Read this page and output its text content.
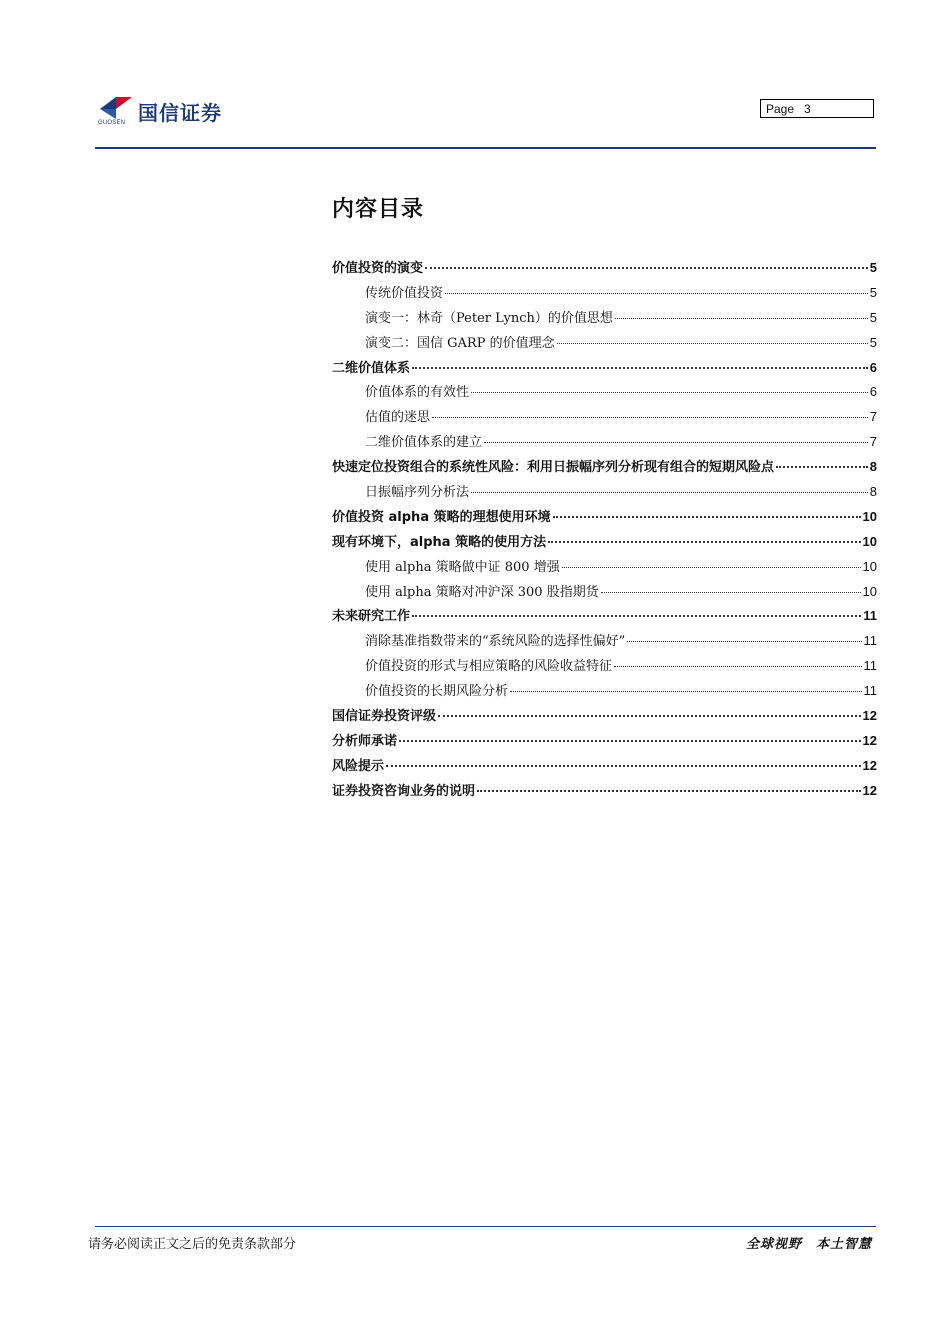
国信证券
GUOSEN
Page 3
内容目录
价值投资的演变	5
传统价值投资	5
演变一：林奇（Peter Lynch）的价值思想	5
演变二：国信 GARP 的价值理念	5
二维价值体系	6
价值体系的有效性	6
估值的迷思	7
二维价值体系的建立	7
快速定位投资组合的系统性风险：利用日振幅序列分析现有组合的短期风险点	8
日振幅序列分析法	8
价值投资 alpha 策略的理想使用环境	10
现有环境下，alpha 策略的使用方法	10
使用 alpha 策略做中证 800 增强	10
使用 alpha 策略对冲沪深 300 股指期货	10
未来研究工作	11
消除基准指数带来的“系统风险的选择性偏好”	11
价值投资的形式与相应策略的风险收益特征	11
价值投资的长期风险分析	11
国信证券投资评级	12
分析师承诺	12
风险提示	12
证券投资咨询业务的说明	12
请务必阅读正文之后的免责条款部分	全球视野 本土智慧
